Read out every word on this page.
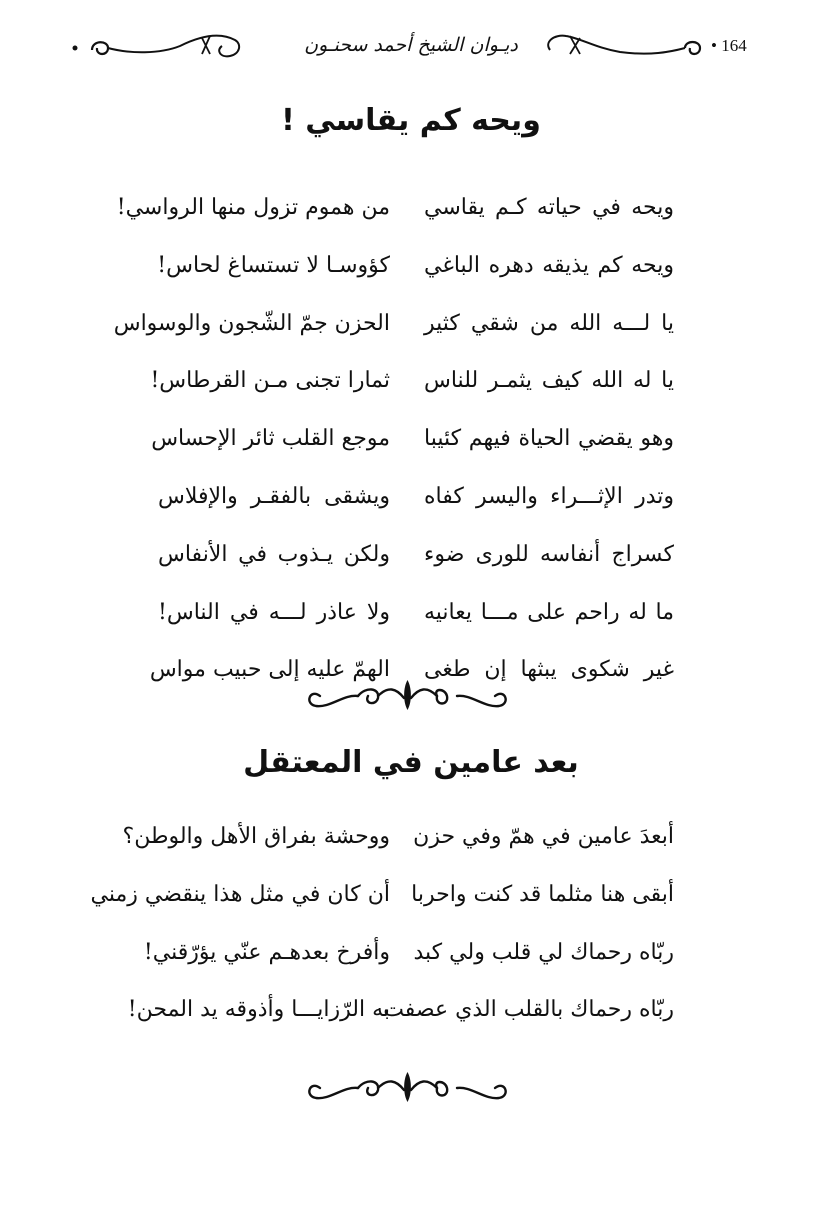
ديـوان الشيخ أحمد سحنـون	• 164
ويحه كم يقاسي !
ويحه في حياته كـم يقاسي
من هموم تزول منها الرواسي!
ويحه كم يذيقه دهره الباغي
كؤوسـا لا تستساغ لحاس!
يا لـــه الله من شقي كثير
الحزن جمّ الشّجون والوسواس
يا له الله كيف يثمـر للناس
ثمارا تجنى مـن القرطاس!
وهو يقضي الحياة فيهم كئيبا
موجع القلب ثائر الإحساس
وتدر الإثـــراء واليسر كفاه
ويشقى بالفقـر والإفلاس
كسراج أنفاسه للورى ضوء
ولكن يـذوب في الأنفاس
ما له راحم على مـــا يعانيه
ولا عاذر لـــه في الناس!
غير شكوى يبثها إن طغى
الهمّ عليه إلى حبيب مواس
بعد عامين في المعتقل
أبعدَ عامين في همّ وفي حزن
ووحشة بفراق الأهل والوطن؟
أبقى هنا مثلما قد كنت واحربا
أن كان في مثل هذا ينقضي زمني
ربّاه رحماك لي قلب ولي كبد
وأفرخ بعدهـم عنّي يؤرّقني!
ربّاه رحماك بالقلب الذي عصفت
به الرّزايـــا وأذوقه يد المحن!
